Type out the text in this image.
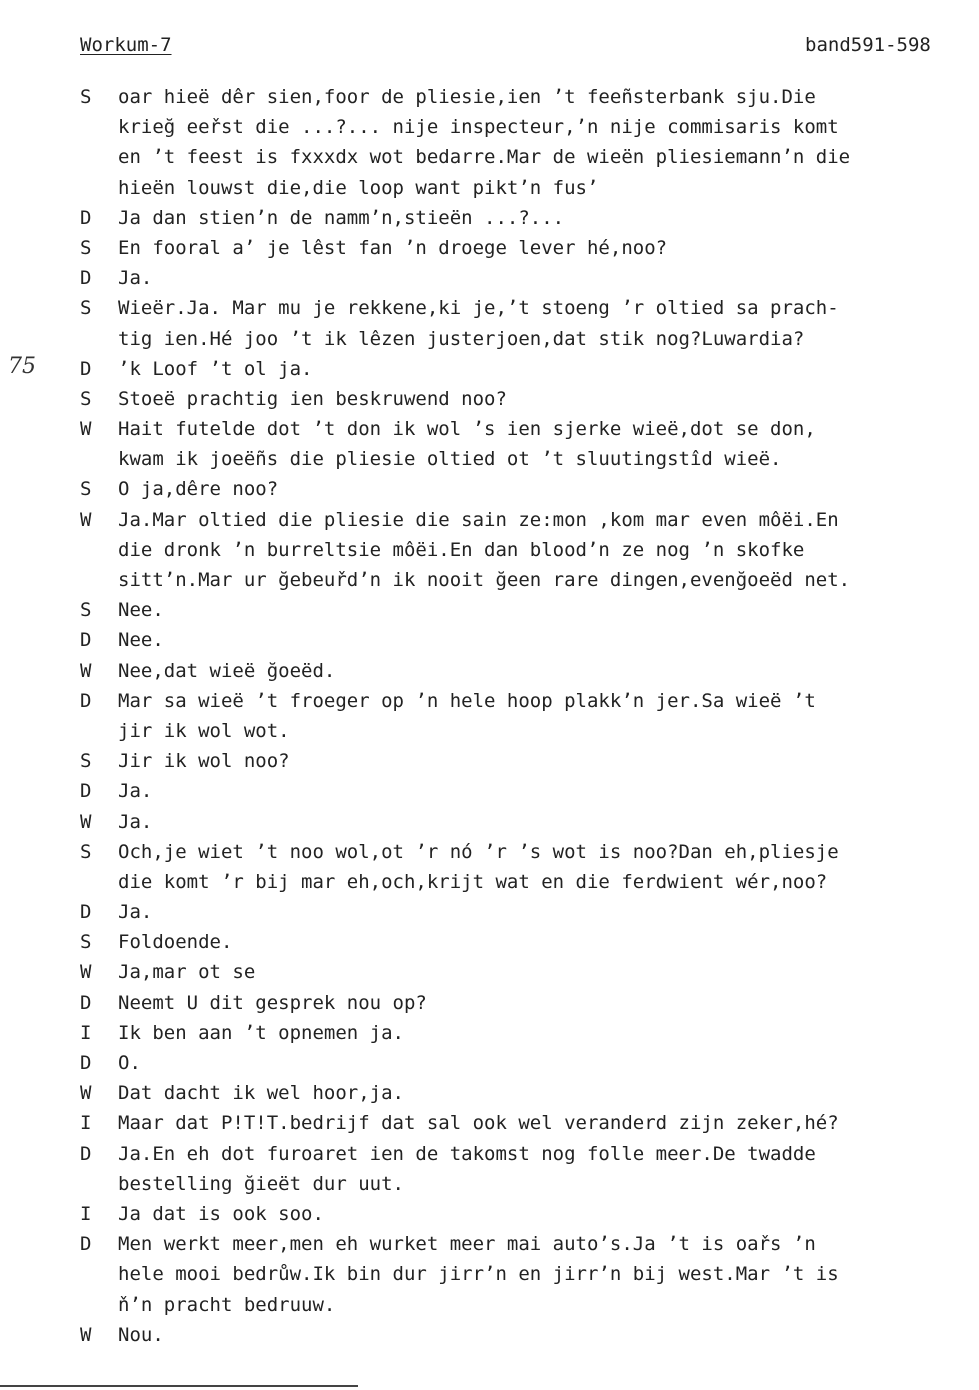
Workum-7	band591-598
75
S	oar hieë dêr sien,foor de pliesie,ien ʼt feeñsterbank sju.Die
krieğ eeřst die ...?... nije inspecteur,ʼn nije commisaris komt
en ʼt feest is fxxxdx wot bedarre.Mar de wieën pliesiemannʼn die
hieën louwst die,die loop want piktʼn fusʼ
D	Ja dan stienʼn de nammʼn,stieën ...?...
S	En fooral aʼ je lêst fan ʼn droege lever hé,noo?
D	Ja.
S	Wieër.Ja. Mar mu je rekkene,ki je,ʼt stoeng ʼr oltied sa prach-
tig ien.Hé joo ʼt ik lêzen justerjoen,dat stik nog?Luwardia?
D	ʼk Loof ʼt ol ja.
S	Stoeë prachtig ien beskruwend noo?
W	Hait futelde dot ʼt don ik wol ʼs ien sjerke wieë,dot se don,
kwam ik joeëñs die pliesie oltied ot ʼt sluutingstîd wieë.
S	O ja,dêre noo?
W	Ja.Mar oltied die pliesie die sain ze:mon ,kom mar even môëi.En
die dronk ʼn burreltsie môëi.En dan bloodʼn ze nog ʼn skofke
sittʼn.Mar ur ğebeuřdʼn ik nooit ğeen rare dingen,evenğoeëd net.
S	Nee.
D	Nee.
W	Nee,dat wieë ğoeëd.
D	Mar sa wieë ʼt froeger op ʼn hele hoop plakkʼn jer.Sa wieë ʼt
jir ik wol wot.
S	Jir ik wol noo?
D	Ja.
W	Ja.
S	Och,je wiet ʼt noo wol,ot ʼr nó ʼr ʼs wot is noo?Dan eh,pliesje
die komt ʼr bij mar eh,och,krijt wat en die ferdwient wér,noo?
D	Ja.
S	Foldoende.
W	Ja,mar ot se
D	Neemt U dit gesprek nou op?
I	Ik ben aan ʼt opnemen ja.
D	O.
W	Dat dacht ik wel hoor,ja.
I	Maar dat P!T!T.bedrijf dat sal ook wel veranderd zijn zeker,hé?
D	Ja.En eh dot furoaret ien de takomst nog folle meer.De twadde
bestelling ğieët dur uut.
I	Ja dat is ook soo.
D	Men werkt meer,men eh wurket meer mai autoʼs.Ja ʼt is oařs ʼn
hele mooi bedrůw.Ik bin dur jirrʼn en jirrʼn bij west.Mar ʼt is
ňʼn pracht bedruuw.
W	Nou.
